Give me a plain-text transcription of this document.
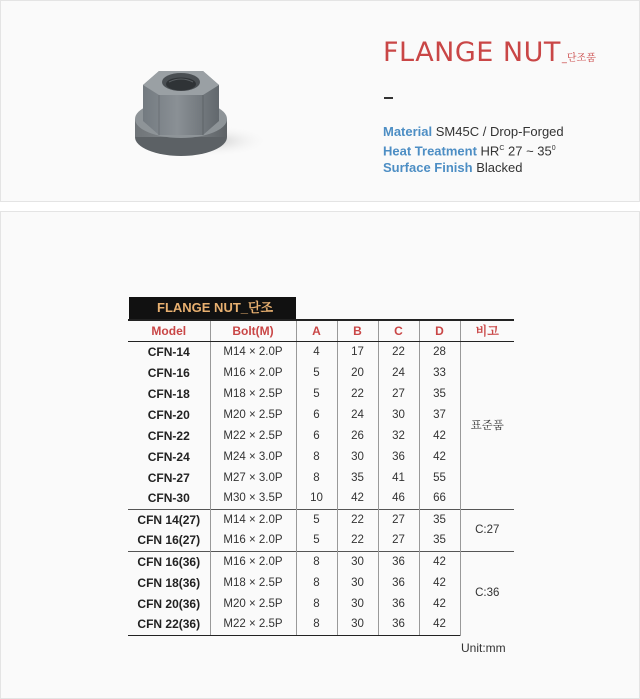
FLANGE NUT_단조품
Material SM45C / Drop-Forged
Heat Treatment $HR^C$ 27 ~ $35^0$
Surface Finish Blacked
FLANGE NUT_단조
Model	Bolt(M)	A	B	C	D	비고
CFN-14	M14 × 2.0P	4	17	22	28	표준품
CFN-16	M16 × 2.0P	5	20	24	33	
CFN-18	M18 × 2.5P	5	22	27	35	
CFN-20	M20 × 2.5P	6	24	30	37	
CFN-22	M22 × 2.5P	6	26	32	42	
CFN-24	M24 × 3.0P	8	30	36	42	
CFN-27	M27 × 3.0P	8	35	41	55	
CFN-30	M30 × 3.5P	10	42	46	66	
CFN 14(27)	M14 × 2.0P	5	22	27	35	C:27
CFN 16(27)	M16 × 2.0P	5	22	27	35	
CFN 16(36)	M16 × 2.0P	8	30	36	42	C:36
CFN 18(36)	M18 × 2.5P	8	30	36	42	
CFN 20(36)	M20 × 2.5P	8	30	36	42	
CFN 22(36)	M22 × 2.5P	8	30	36	42	
Unit:mm
